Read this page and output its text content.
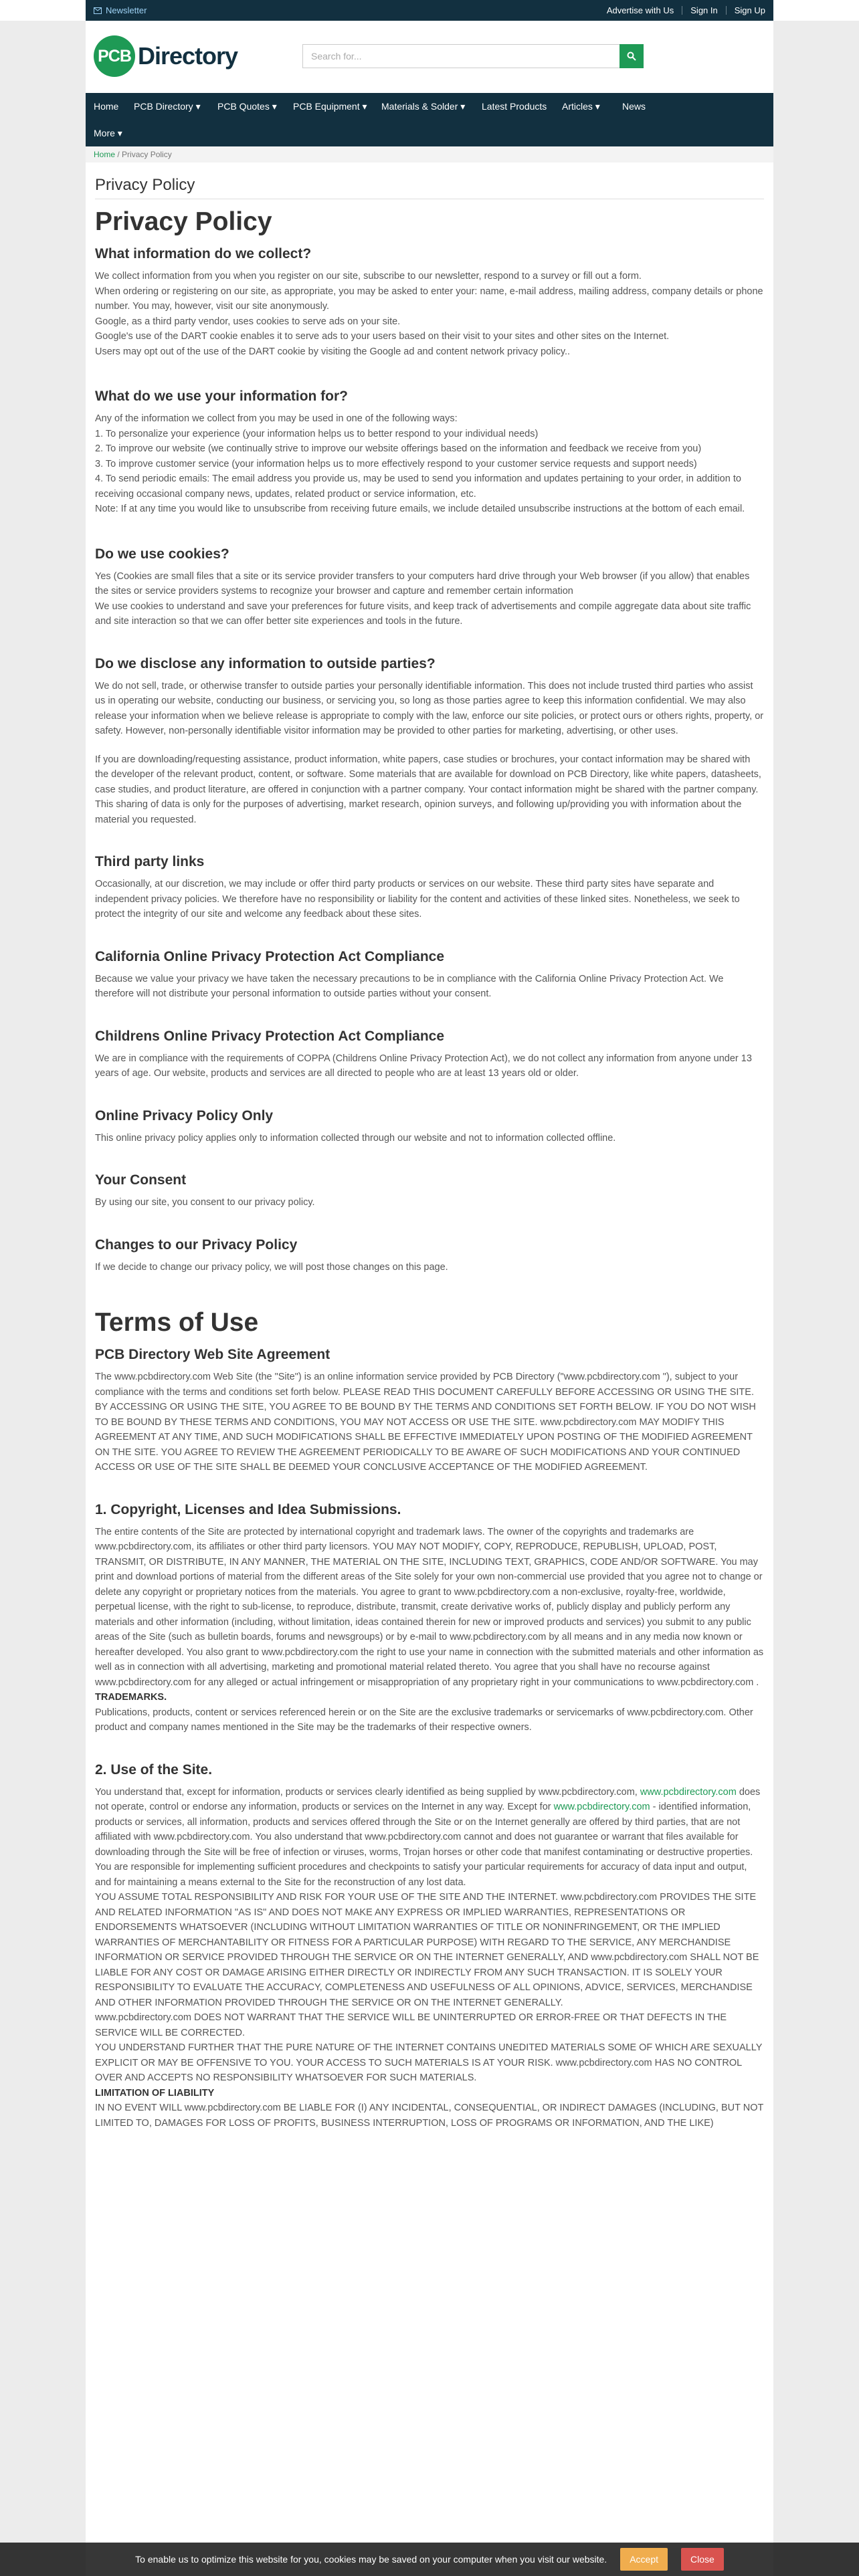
Newsletter	Advertise with Us Sign In Sign Up
PCB Directory	Search for...
Home	PCB Directory ▾	PCB Quotes ▾	PCB Equipment ▾	Materials & Solder ▾	Latest Products	Articles ▾	News
More ▾
Home / Privacy Policy
Privacy Policy
Privacy Policy
What information do we collect?
We collect information from you when you register on our site, subscribe to our newsletter, respond to a survey or fill out a form.
When ordering or registering on our site, as appropriate, you may be asked to enter your: name, e-mail address, mailing address, company details or phone number. You may, however, visit our site anonymously.
Google, as a third party vendor, uses cookies to serve ads on your site.
Google's use of the DART cookie enables it to serve ads to your users based on their visit to your sites and other sites on the Internet.
Users may opt out of the use of the DART cookie by visiting the Google ad and content network privacy policy..
What do we use your information for?
Any of the information we collect from you may be used in one of the following ways:
1. To personalize your experience (your information helps us to better respond to your individual needs)
2. To improve our website (we continually strive to improve our website offerings based on the information and feedback we receive from you)
3. To improve customer service (your information helps us to more effectively respond to your customer service requests and support needs)
4. To send periodic emails: The email address you provide us, may be used to send you information and updates pertaining to your order, in addition to receiving occasional company news, updates, related product or service information, etc.
Note: If at any time you would like to unsubscribe from receiving future emails, we include detailed unsubscribe instructions at the bottom of each email.
Do we use cookies?
Yes (Cookies are small files that a site or its service provider transfers to your computers hard drive through your Web browser (if you allow) that enables the sites or service providers systems to recognize your browser and capture and remember certain information
We use cookies to understand and save your preferences for future visits, and keep track of advertisements and compile aggregate data about site traffic and site interaction so that we can offer better site experiences and tools in the future.
Do we disclose any information to outside parties?

We do not sell, trade, or otherwise transfer to outside parties your personally identifiable information. This does not include trusted third parties who assist us in operating our website, conducting our business, or servicing you, so long as those parties agree to keep this information confidential. We may also release your information when we believe release is appropriate to comply with the law, enforce our site policies, or protect ours or others rights, property, or safety. However, non-personally identifiable visitor information may be provided to other parties for marketing, advertising, or other uses.

If you are downloading/requesting assistance, product information, white papers, case studies or brochures, your contact information may be shared with the developer of the relevant product, content, or software. Some materials that are available for download on PCB Directory, like white papers, datasheets, case studies, and product literature, are offered in conjunction with a partner company. Your contact information might be shared with the partner company. This sharing of data is only for the purposes of advertising, market research, opinion surveys, and following up/providing you with information about the material you requested.

Third party links

Occasionally, at our discretion, we may include or offer third party products or services on our website. These third party sites have separate and independent privacy policies. We therefore have no responsibility or liability for the content and activities of these linked sites. Nonetheless, we seek to protect the integrity of our site and welcome any feedback about these sites.

California Online Privacy Protection Act Compliance

Because we value your privacy we have taken the necessary precautions to be in compliance with the California Online Privacy Protection Act. We therefore will not distribute your personal information to outside parties without your consent.

Childrens Online Privacy Protection Act Compliance

We are in compliance with the requirements of COPPA (Childrens Online Privacy Protection Act), we do not collect any information from anyone under 13 years of age. Our website, products and services are all directed to people who are at least 13 years old or older.

Online Privacy Policy Only

This online privacy policy applies only to information collected through our website and not to information collected offline.

Your Consent

By using our site, you consent to our privacy policy.

Changes to our Privacy Policy

If we decide to change our privacy policy, we will post those changes on this page.

Terms of Use
PCB Directory Web Site Agreement

The www.pcbdirectory.com Web Site (the "Site") is an online information service provided by PCB Directory ("www.pcbdirectory.com "), subject to your compliance with the terms and conditions set forth below. PLEASE READ THIS DOCUMENT CAREFULLY BEFORE ACCESSING OR USING THE SITE. BY ACCESSING OR USING THE SITE, YOU AGREE TO BE BOUND BY THE TERMS AND CONDITIONS SET FORTH BELOW. IF YOU DO NOT WISH TO BE BOUND BY THESE TERMS AND CONDITIONS, YOU MAY NOT ACCESS OR USE THE SITE. www.pcbdirectory.com MAY MODIFY THIS AGREEMENT AT ANY TIME, AND SUCH MODIFICATIONS SHALL BE EFFECTIVE IMMEDIATELY UPON POSTING OF THE MODIFIED AGREEMENT ON THE SITE. YOU AGREE TO REVIEW THE AGREEMENT PERIODICALLY TO BE AWARE OF SUCH MODIFICATIONS AND YOUR CONTINUED ACCESS OR USE OF THE SITE SHALL BE DEEMED YOUR CONCLUSIVE ACCEPTANCE OF THE MODIFIED AGREEMENT.

1. Copyright, Licenses and Idea Submissions.

The entire contents of the Site are protected by international copyright and trademark laws. The owner of the copyrights and trademarks are www.pcbdirectory.com, its affiliates or other third party licensors. YOU MAY NOT MODIFY, COPY, REPRODUCE, REPUBLISH, UPLOAD, POST, TRANSMIT, OR DISTRIBUTE, IN ANY MANNER, THE MATERIAL ON THE SITE, INCLUDING TEXT, GRAPHICS, CODE AND/OR SOFTWARE. You may print and download portions of material from the different areas of the Site solely for your own non-commercial use provided that you agree not to change or delete any copyright or proprietary notices from the materials. You agree to grant to www.pcbdirectory.com a non-exclusive, royalty-free, worldwide, perpetual license, with the right to sub-license, to reproduce, distribute, transmit, create derivative works of, publicly display and publicly perform any materials and other information (including, without limitation, ideas contained therein for new or improved products and services) you submit to any public areas of the Site (such as bulletin boards, forums and newsgroups) or by e-mail to www.pcbdirectory.com by all means and in any media now known or hereafter developed. You also grant to www.pcbdirectory.com the right to use your name in connection with the submitted materials and other information as well as in connection with all advertising, marketing and promotional material related thereto. You agree that you shall have no recourse against www.pcbdirectory.com for any alleged or actual infringement or misappropriation of any proprietary right in your communications to www.pcbdirectory.com .

TRADEMARKS.

Publications, products, content or services referenced herein or on the Site are the exclusive trademarks or servicemarks of www.pcbdirectory.com. Other product and company names mentioned in the Site may be the trademarks of their respective owners.

2. Use of the Site.

You understand that, except for information, products or services clearly identified as being supplied by www.pcbdirectory.com, www.pcbdirectory.com does not operate, control or endorse any information, products or services on the Internet in any way. Except for www.pcbdirectory.com - identified information, products or services, all information, products and services offered through the Site or on the Internet generally are offered by third parties, that are not affiliated with www.pcbdirectory.com. You also understand that www.pcbdirectory.com cannot and does not guarantee or warrant that files available for downloading through the Site will be free of infection or viruses, worms, Trojan horses or other code that manifest contaminating or destructive properties. You are responsible for implementing sufficient procedures and checkpoints to satisfy your particular requirements for accuracy of data input and output, and for maintaining a means external to the Site for the reconstruction of any lost data.

YOU ASSUME TOTAL RESPONSIBILITY AND RISK FOR YOUR USE OF THE SITE AND THE INTERNET. www.pcbdirectory.com PROVIDES THE SITE AND RELATED INFORMATION "AS IS" AND DOES NOT MAKE ANY EXPRESS OR IMPLIED WARRANTIES, REPRESENTATIONS OR ENDORSEMENTS WHATSOEVER (INCLUDING WITHOUT LIMITATION WARRANTIES OF TITLE OR NONINFRINGEMENT, OR THE IMPLIED WARRANTIES OF MERCHANTABILITY OR FITNESS FOR A PARTICULAR PURPOSE) WITH REGARD TO THE SERVICE, ANY MERCHANDISE INFORMATION OR SERVICE PROVIDED THROUGH THE SERVICE OR ON THE INTERNET GENERALLY, AND www.pcbdirectory.com SHALL NOT BE LIABLE FOR ANY COST OR DAMAGE ARISING EITHER DIRECTLY OR INDIRECTLY FROM ANY SUCH TRANSACTION. IT IS SOLELY YOUR RESPONSIBILITY TO EVALUATE THE ACCURACY, COMPLETENESS AND USEFULNESS OF ALL OPINIONS, ADVICE, SERVICES, MERCHANDISE AND OTHER INFORMATION PROVIDED THROUGH THE SERVICE OR ON THE INTERNET GENERALLY.

www.pcbdirectory.com DOES NOT WARRANT THAT THE SERVICE WILL BE UNINTERRUPTED OR ERROR-FREE OR THAT DEFECTS IN THE SERVICE WILL BE CORRECTED.

YOU UNDERSTAND FURTHER THAT THE PURE NATURE OF THE INTERNET CONTAINS UNEDITED MATERIALS SOME OF WHICH ARE SEXUALLY EXPLICIT OR MAY BE OFFENSIVE TO YOU. YOUR ACCESS TO SUCH MATERIALS IS AT YOUR RISK. www.pcbdirectory.com HAS NO CONTROL OVER AND ACCEPTS NO RESPONSIBILITY WHATSOEVER FOR SUCH MATERIALS.

LIMITATION OF LIABILITY

IN NO EVENT WILL www.pcbdirectory.com BE LIABLE FOR (I) ANY INCIDENTAL, CONSEQUENTIAL, OR INDIRECT DAMAGES (INCLUDING, BUT NOT LIMITED TO, DAMAGES FOR LOSS OF PROFITS, BUSINESS INTERRUPTION, LOSS OF PROGRAMS OR INFORMATION, AND THE LIKE)

To enable us to optimize this website for you, cookies may be saved on your computer when you visit our website.	Accept	Close
